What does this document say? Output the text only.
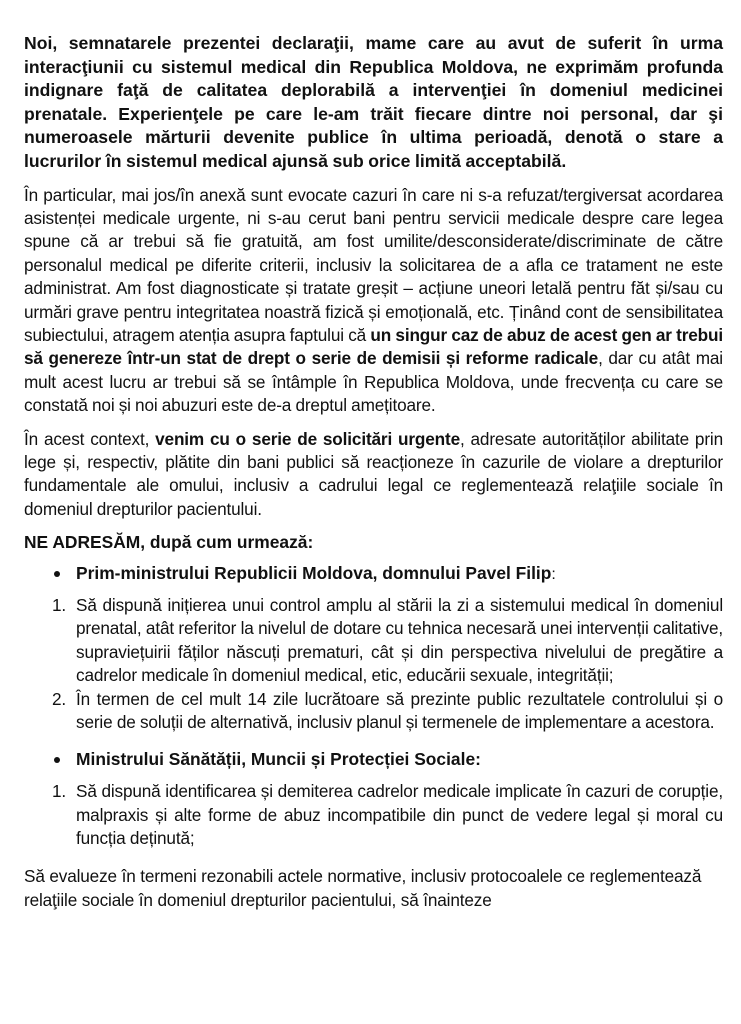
Noi, semnatarele prezentei declaraţii, mame care au avut de suferit în urma interacţiunii cu sistemul medical din Republica Moldova, ne exprimăm profunda indignare faţă de calitatea deplorabilă a intervenţiei în domeniul medicinei prenatale. Experienţele pe care le-am trăit fiecare dintre noi personal, dar şi numeroasele mărturii devenite publice în ultima perioadă, denotă o stare a lucrurilor în sistemul medical ajunsă sub orice limită acceptabilă.

În particular, mai jos/în anexă sunt evocate cazuri în care ni s-a refuzat/tergiversat acordarea asistenței medicale urgente, ni s-au cerut bani pentru servicii medicale despre care legea spune că ar trebui să fie gratuită, am fost umilite/desconsiderate/discriminate de către personalul medical pe diferite criterii, inclusiv la solicitarea de a afla ce tratament ne este administrat. Am fost diagnosticate și tratate greșit – acțiune uneori letală pentru făt și/sau cu urmări grave pentru integritatea noastră fizică și emoțională, etc. Ținând cont de sensibilitatea subiectului, atragem atenția asupra faptului că un singur caz de abuz de acest gen ar trebui să genereze într-un stat de drept o serie de demisii și reforme radicale, dar cu atât mai mult acest lucru ar trebui să se întâmple în Republica Moldova, unde frecvența cu care se constată noi și noi abuzuri este de-a dreptul amețitoare.

În acest context, venim cu o serie de solicitări urgente, adresate autorităților abilitate prin lege și, respectiv, plătite din bani publici să reacționeze în cazurile de violare a drepturilor fundamentale ale omului, inclusiv a cadrului legal ce reglementează relaţiile sociale în domeniul drepturilor pacientului.

NE ADRESĂM, după cum urmează:

Prim-ministrului Republicii Moldova, domnului Pavel Filip:
1. Să dispună inițierea unui control amplu al stării la zi a sistemului medical în domeniul prenatal, atât referitor la nivelul de dotare cu tehnica necesară unei intervenții calitative, supraviețuirii făților născuți prematuri, cât și din perspectiva nivelului de pregătire a cadrelor medicale în domeniul medical, etic, educării sexuale, integrității;
2. În termen de cel mult 14 zile lucrătoare să prezinte public rezultatele controlului și o serie de soluții de alternativă, inclusiv planul și termenele de implementare a acestora.
Ministrului Sănătății, Muncii și Protecției Sociale:
1. Să dispună identificarea și demiterea cadrelor medicale implicate în cazuri de corupție, malpraxis și alte forme de abuz incompatibile din punct de vedere legal și moral cu funcția deținută;

Să evalueze în termeni rezonabili actele normative, inclusiv protocoalele ce reglementează relaţiile sociale în domeniul drepturilor pacientului, să înainteze
